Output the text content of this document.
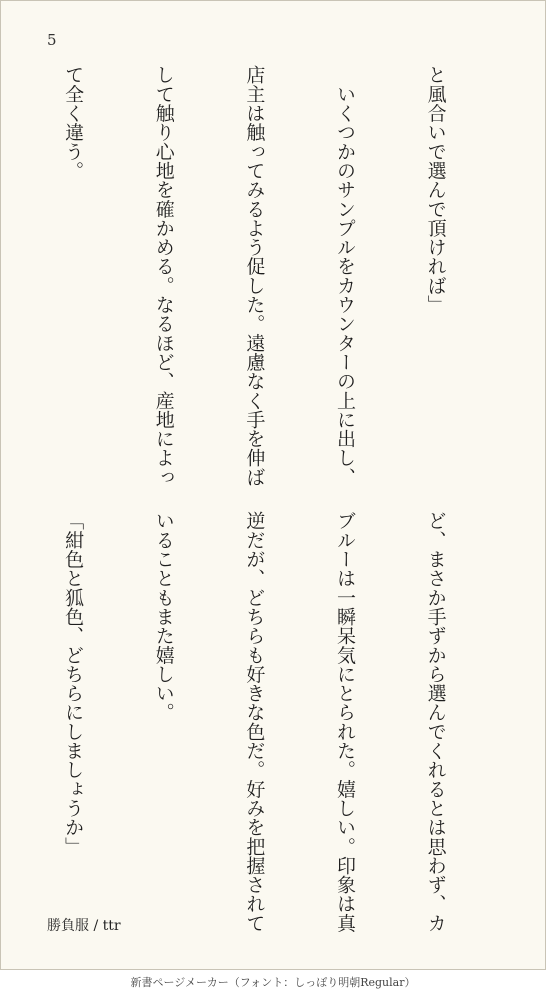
5

と風合いで選んで頂ければ」

　いくつかのサンプルをカウンターの上に出し、

店主は触ってみるよう促した。遠慮なく手を伸ば

して触り心地を確かめる。なるほど、産地によっ

て全く違う。

ど、まさか手ずから選んでくれるとは思わず、カ

ブルーは一瞬呆気にとられた。嬉しい。印象は真

逆だが、どちらも好きな色だ。好みを把握されて

いることもまた嬉しい。

「紺色と狐色、どちらにしましょうか」

勝負服 / ttr
新書ページメーカー（フォント：しっぽり明朝Regular）
